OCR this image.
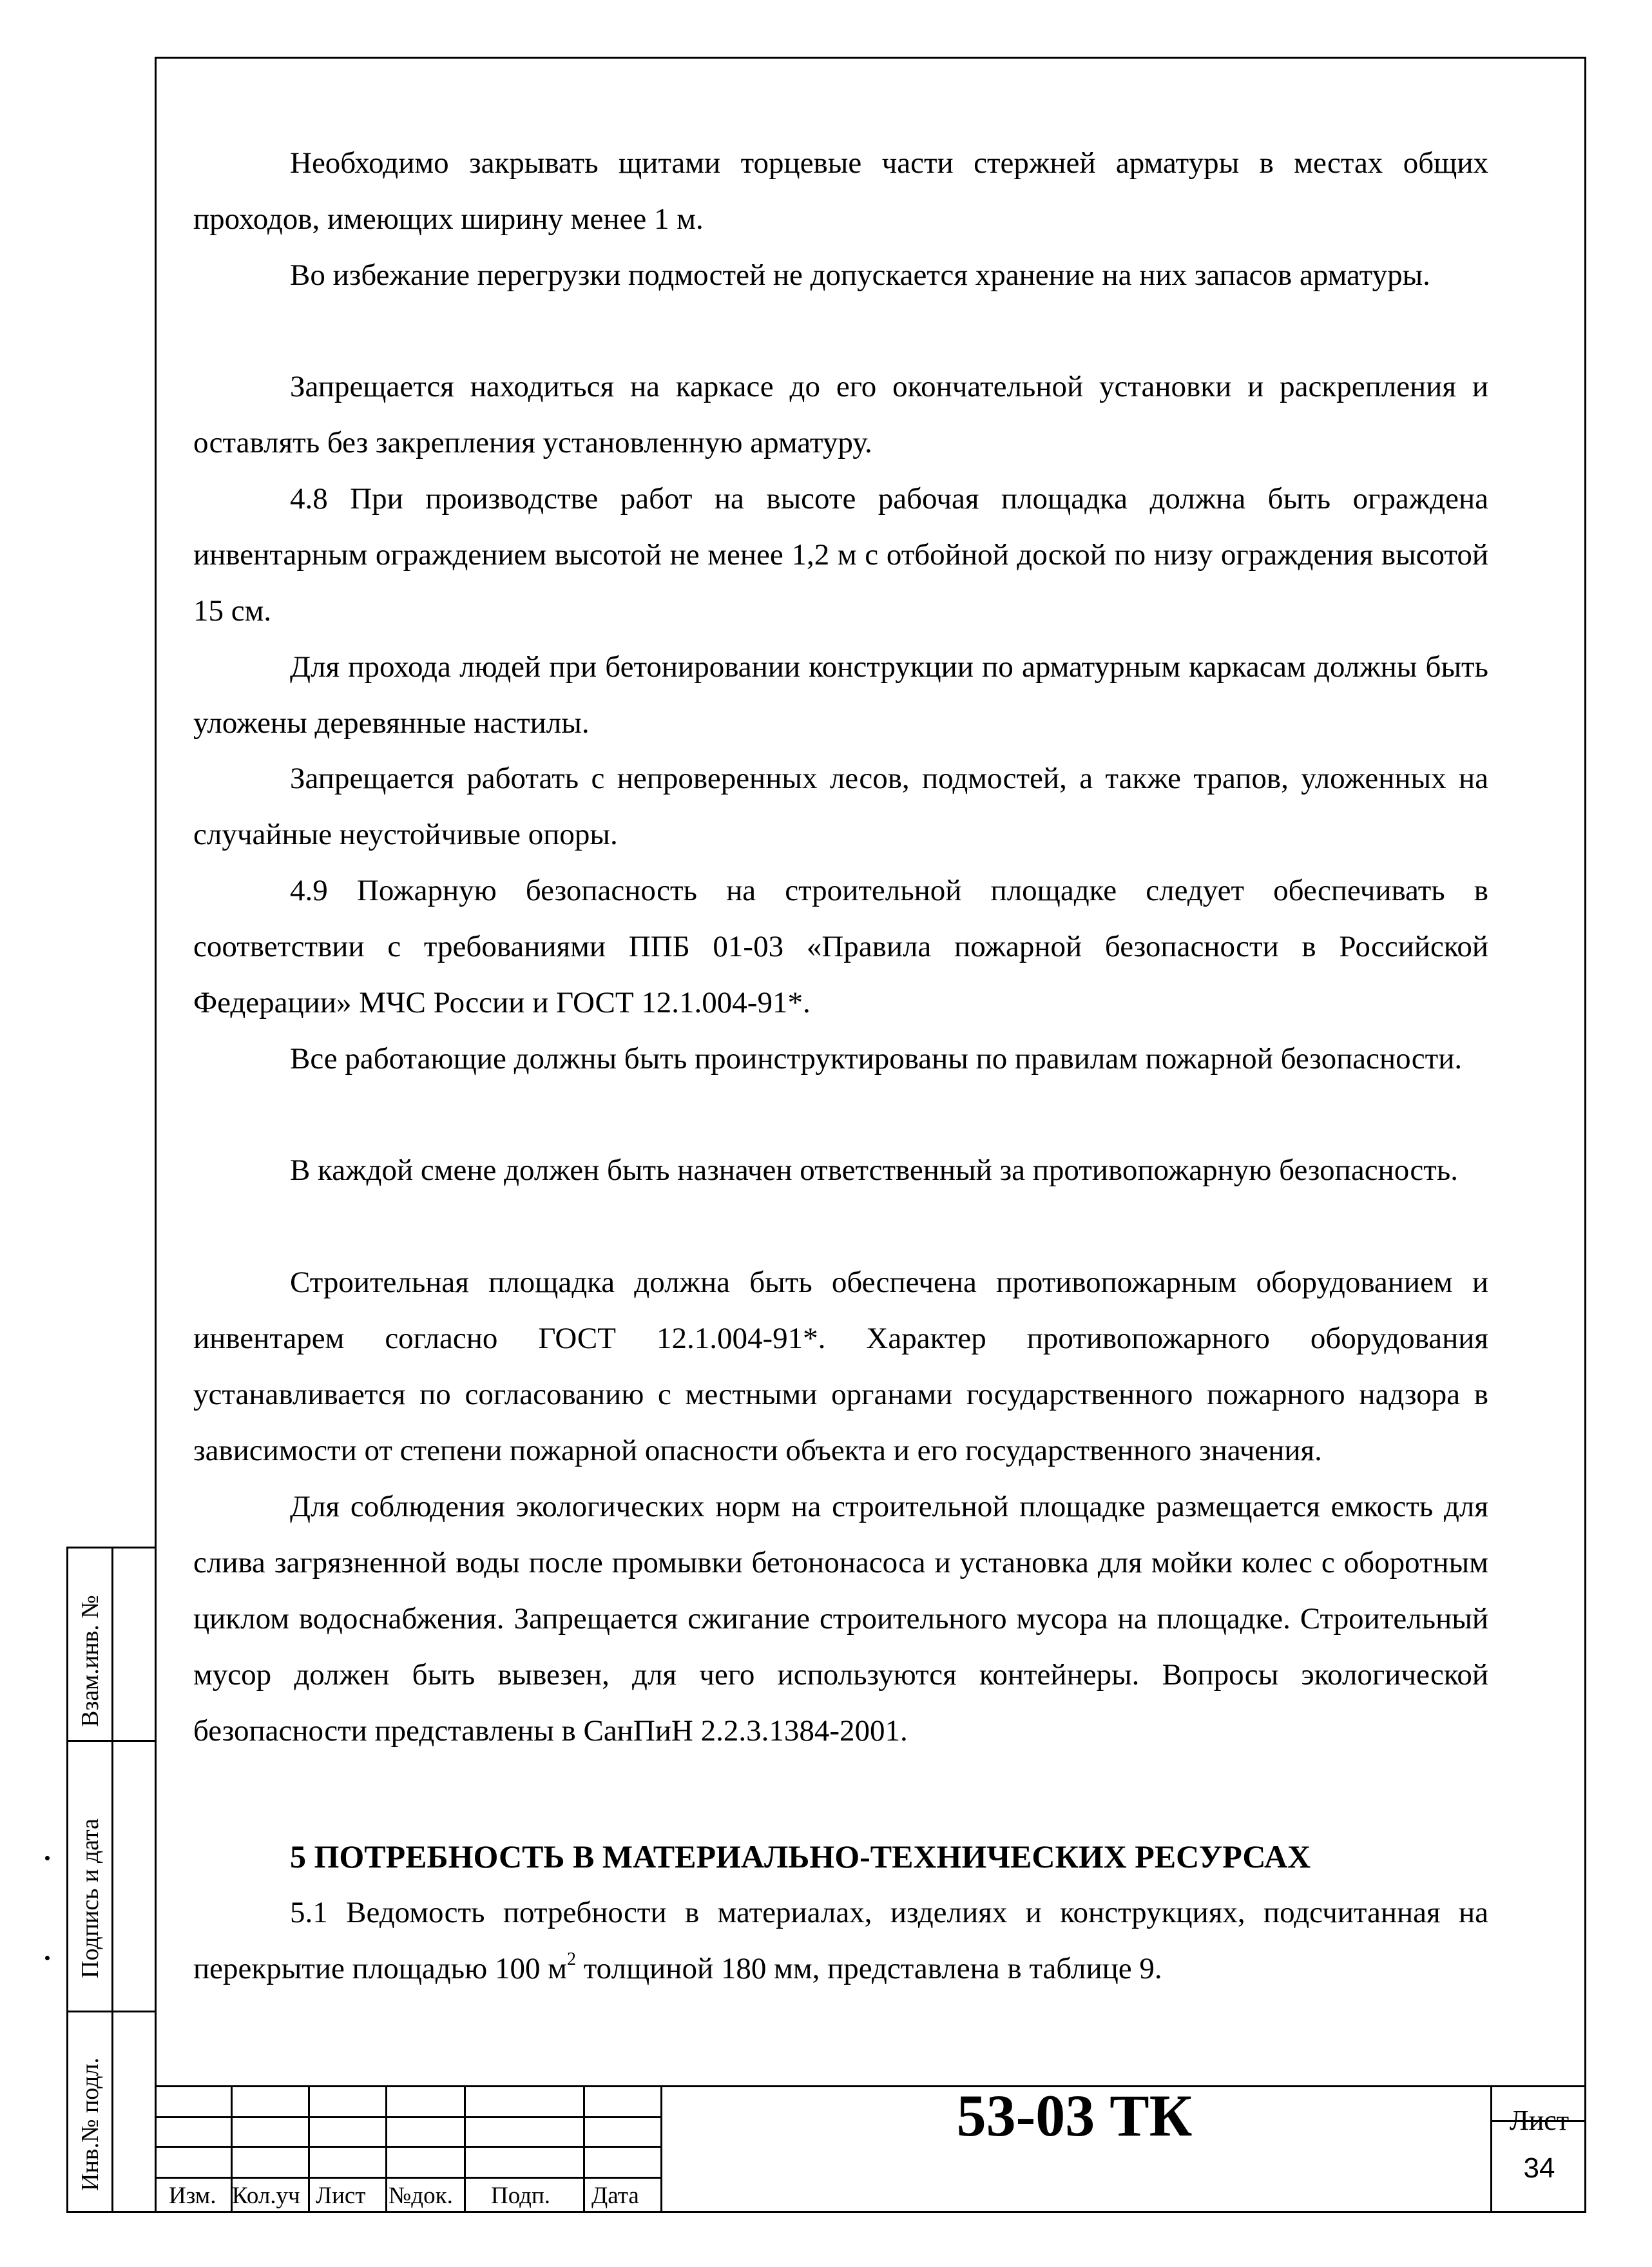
Необходимо закрывать щитами торцевые части стержней арматуры в местах общих проходов, имеющих ширину менее 1 м.

Во избежание перегрузки подмостей не допускается хранение на них запасов арматуры.

Запрещается находиться на каркасе до его окончательной установки и раскрепления и оставлять без закрепления установленную арматуру.

4.8 При производстве работ на высоте рабочая площадка должна быть ограждена инвентарным ограждением высотой не менее 1,2 м с отбойной доской по низу ограждения высотой 15 см.

Для прохода людей при бетонировании конструкции по арматурным каркасам должны быть уложены деревянные настилы.

Запрещается работать с непроверенных лесов, подмостей, а также трапов, уложенных на случайные неустойчивые опоры.

4.9 Пожарную безопасность на строительной площадке следует обеспечивать в соответствии с требованиями ППБ 01-03 «Правила пожарной безопасности в Российской Федерации» МЧС России и ГОСТ 12.1.004-91*.

Все работающие должны быть проинструктированы по правилам пожарной безопасности.

В каждой смене должен быть назначен ответственный за противопожарную безопасность.

Строительная площадка должна быть обеспечена противопожарным оборудованием и инвентарем согласно ГОСТ 12.1.004-91*. Характер противопожарного оборудования устанавливается по согласованию с местными органами государственного пожарного надзора в зависимости от степени пожарной опасности объекта и его государственного значения.

Для соблюдения экологических норм на строительной площадке размещается емкость для слива загрязненной воды после промывки бетононасоса и установка для мойки колес с оборотным циклом водоснабжения. Запрещается сжигание строительного мусора на площадке. Строительный мусор должен быть вывезен, для чего используются контейнеры. Вопросы экологической безопасности представлены в СанПиН 2.2.3.1384-2001.

5 ПОТРЕБНОСТЬ В МАТЕРИАЛЬНО-ТЕХНИЧЕСКИХ РЕСУРСАХ

5.1 Ведомость потребности в материалах, изделиях и конструкциях, подсчитанная на перекрытие площадью 100 $м^2$ толщиной 180 мм, представлена в таблице 9.

Взам.инв. №
Подпись и дата
Инв.№ подл.
Изм. Кол.уч Лист №док. Подп. Дата
53-03 ТК	Лист
34
